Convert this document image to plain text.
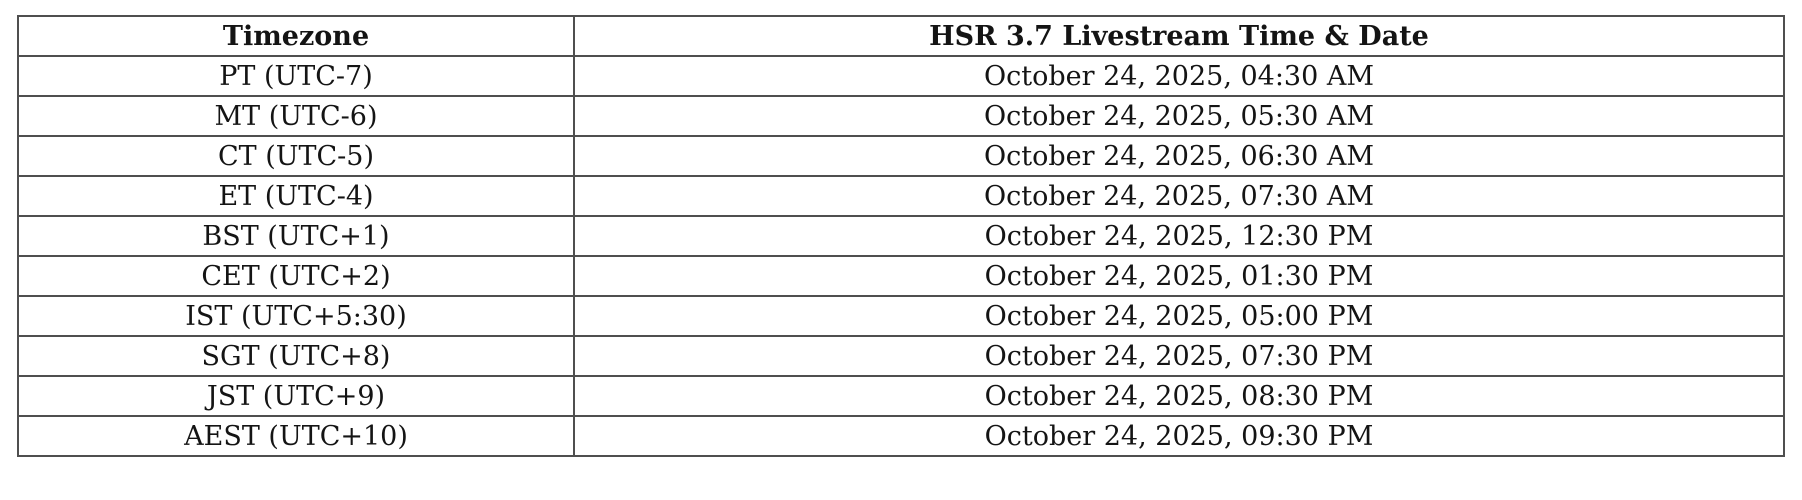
Timezone	HSR 3.7 Livestream Time & Date
PT (UTC-7)	October 24, 2025, 04:30 AM
MT (UTC-6)	October 24, 2025, 05:30 AM
CT (UTC-5)	October 24, 2025, 06:30 AM
ET (UTC-4)	October 24, 2025, 07:30 AM
BST (UTC+1)	October 24, 2025, 12:30 PM
CET (UTC+2)	October 24, 2025, 01:30 PM
IST (UTC+5:30)	October 24, 2025, 05:00 PM
SGT (UTC+8)	October 24, 2025, 07:30 PM
JST (UTC+9)	October 24, 2025, 08:30 PM
AEST (UTC+10)	October 24, 2025, 09:30 PM
